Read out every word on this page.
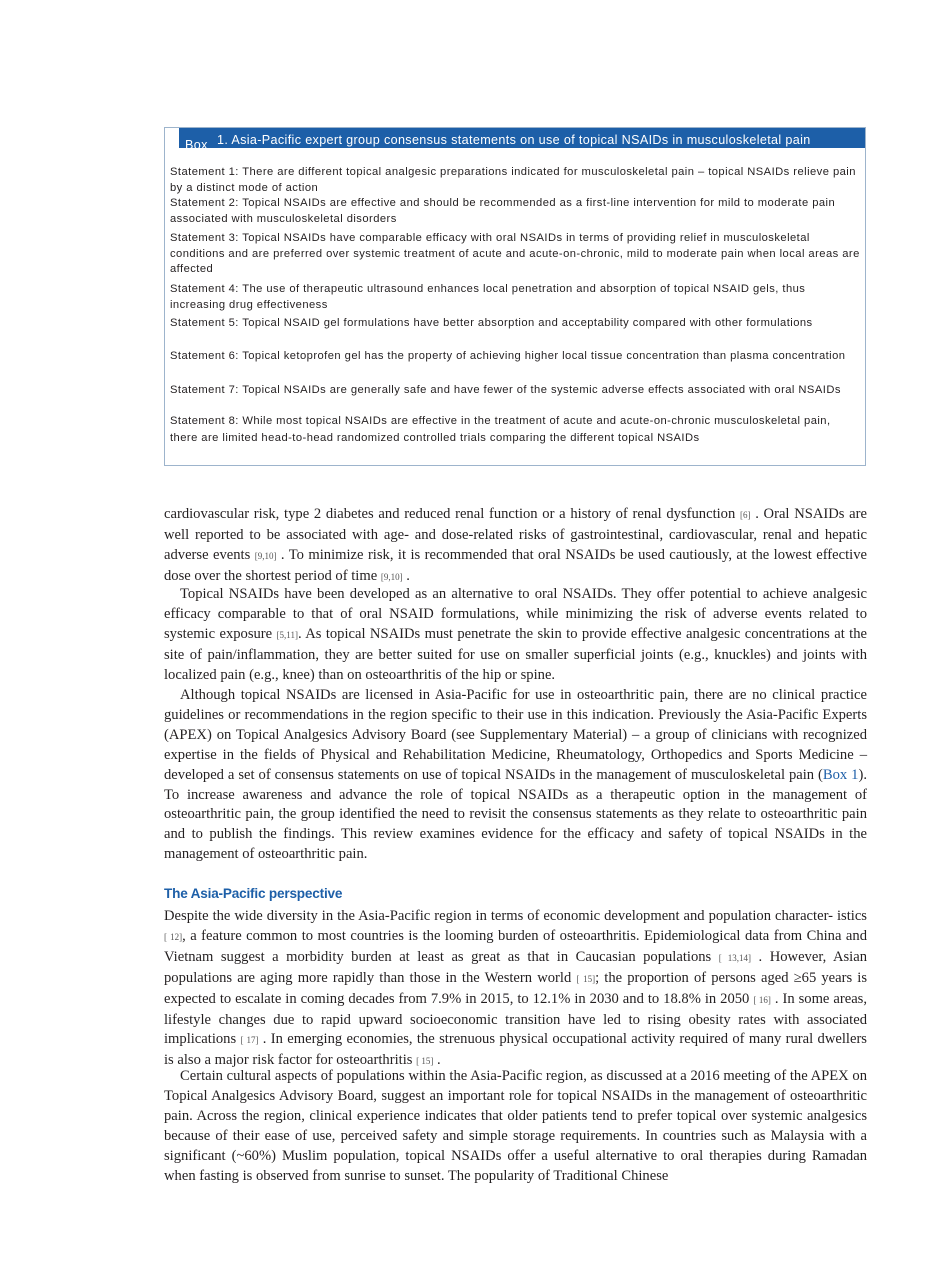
Box 1. Asia-Pacific expert group consensus statements on use of topical NSAIDs in musculoskeletal pain
Statement 1: There are different topical analgesic preparations indicated for musculoskeletal pain – topical NSAIDs relieve pain by a distinct mode of action
Statement 2: Topical NSAIDs are effective and should be recommended as a first-line intervention for mild to moderate pain associated with musculoskeletal disorders
Statement 3: Topical NSAIDs have comparable efficacy with oral NSAIDs in terms of providing relief in musculoskeletal conditions and are preferred over systemic treatment of acute and acute-on-chronic, mild to moderate pain when local areas are affected
Statement 4: The use of therapeutic ultrasound enhances local penetration and absorption of topical NSAID gels, thus increasing drug effectiveness
Statement 5: Topical NSAID gel formulations have better absorption and acceptability compared with other formulations
Statement 6: Topical ketoprofen gel has the property of achieving higher local tissue concentration than plasma concentration
Statement 7: Topical NSAIDs are generally safe and have fewer of the systemic adverse effects associated with oral NSAIDs
Statement 8: While most topical NSAIDs are effective in the treatment of acute and acute-on-chronic musculoskeletal pain, there are limited head-to-head randomized controlled trials comparing the different topical NSAIDs

cardiovascular risk, type 2 diabetes and reduced renal function or a history of renal dysfunction [6] . Oral NSAIDs are well reported to be associated with age- and dose-related risks of gastrointestinal, cardiovascular, renal and hepatic adverse events [9,10] . To minimize risk, it is recommended that oral NSAIDs be used cautiously, at the lowest effective dose over the shortest period of time [9,10] .

Topical NSAIDs have been developed as an alternative to oral NSAIDs. They offer potential to achieve analgesic efficacy comparable to that of oral NSAID formulations, while minimizing the risk of adverse events related to systemic exposure [5,11]. As topical NSAIDs must penetrate the skin to provide effective analgesic concentrations at the site of pain/inflammation, they are better suited for use on smaller superficial joints (e.g., knuckles) and joints with localized pain (e.g., knee) than on osteoarthritis of the hip or spine.

Although topical NSAIDs are licensed in Asia-Pacific for use in osteoarthritic pain, there are no clinical practice guidelines or recommendations in the region specific to their use in this indication. Previously the Asia-Pacific Experts (APEX) on Topical Analgesics Advisory Board (see Supplementary Material) – a group of clinicians with recognized expertise in the fields of Physical and Rehabilitation Medicine, Rheumatology, Orthopedics and Sports Medicine – developed a set of consensus statements on use of topical NSAIDs in the management of musculoskeletal pain (Box 1). To increase awareness and advance the role of topical NSAIDs as a therapeutic option in the management of osteoarthritic pain, the group identified the need to revisit the consensus statements as they relate to osteoarthritic pain and to publish the findings. This review examines evidence for the efficacy and safety of topical NSAIDs in the management of osteoarthritic pain.

The Asia-Pacific perspective

Despite the wide diversity in the Asia-Pacific region in terms of economic development and population character- istics [ 12], a feature common to most countries is the looming burden of osteoarthritis. Epidemiological data from China and Vietnam suggest a morbidity burden at least as great as that in Caucasian populations [ 13,14] . However, Asian populations are aging more rapidly than those in the Western world [ 15]; the proportion of persons aged ≥65 years is expected to escalate in coming decades from 7.9% in 2015, to 12.1% in 2030 and to 18.8% in 2050 [ 16] . In some areas, lifestyle changes due to rapid upward socioeconomic transition have led to rising obesity rates with associated implications [ 17] . In emerging economies, the strenuous physical occupational activity required of many rural dwellers is also a major risk factor for osteoarthritis [ 15] .

Certain cultural aspects of populations within the Asia-Pacific region, as discussed at a 2016 meeting of the APEX on Topical Analgesics Advisory Board, suggest an important role for topical NSAIDs in the management of osteoarthritic pain. Across the region, clinical experience indicates that older patients tend to prefer topical over systemic analgesics because of their ease of use, perceived safety and simple storage requirements. In countries such as Malaysia with a significant (~60%) Muslim population, topical NSAIDs offer a useful alternative to oral therapies during Ramadan when fasting is observed from sunrise to sunset. The popularity of Traditional Chinese
